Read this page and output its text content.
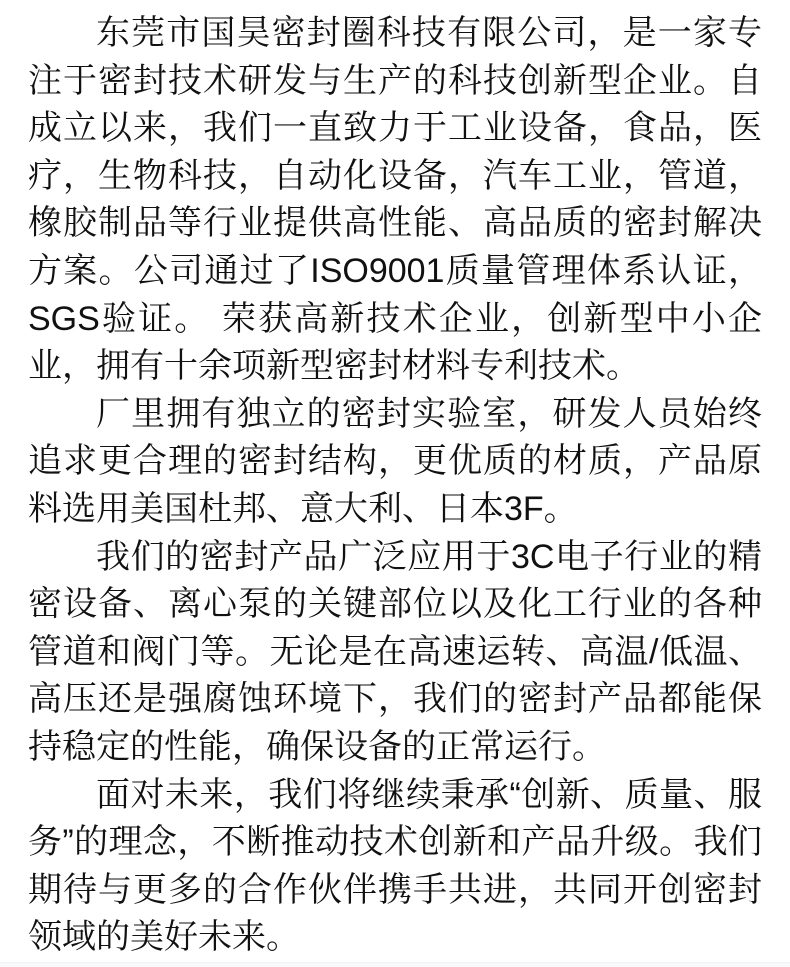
东莞市国昊密封圈科技有限公司，是一家专注于密封技术研发与生产的科技创新型企业。自成立以来，我们一直致力于工业设备，食品，医疗，生物科技，自动化设备，汽车工业，管道，橡胶制品等行业提供高性能、高品质的密封解决方案。公司通过了ISO9001质量管理体系认证，SGS验证。 荣获高新技术企业，创新型中小企业，拥有十余项新型密封材料专利技术。

厂里拥有独立的密封实验室，研发人员始终追求更合理的密封结构，更优质的材质，产品原料选用美国杜邦、意大利、日本3F。

我们的密封产品广泛应用于3C电子行业的精密设备、离心泵的关键部位以及化工行业的各种管道和阀门等。无论是在高速运转、高温/低温、高压还是强腐蚀环境下，我们的密封产品都能保持稳定的性能，确保设备的正常运行。

面对未来，我们将继续秉承“创新、质量、服务”的理念，不断推动技术创新和产品升级。我们期待与更多的合作伙伴携手共进，共同开创密封领域的美好未来。
